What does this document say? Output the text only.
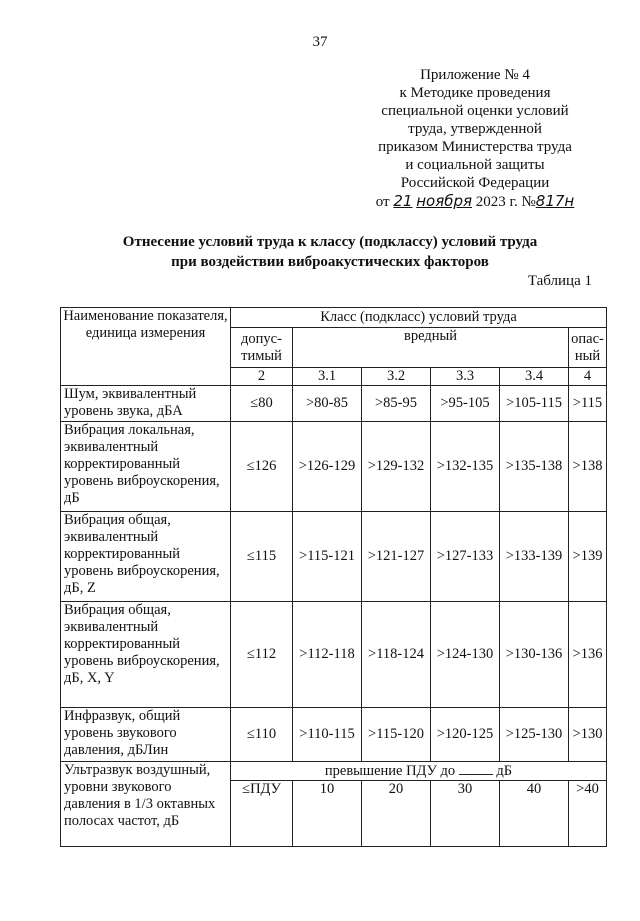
37
Приложение № 4
к Методике проведения
специальной оценки условий
труда, утвержденной
приказом Министерства труда
и социальной защиты
Российской Федерации
от 21 ноября 2023 г. №817н
Отнесение условий труда к классу (подклассу) условий труда
при воздействии виброакустических факторов
Таблица 1
Наименование показателя, единица измерения	Класс (подкласс) условий труда					
	допус-тимый	вредный				опас-ный
	2	3.1	3.2	3.3	3.4	4
Шум, эквивалентный уровень звука, дБА	≤80	>80-85	>85-95	>95-105	>105-115	>115
Вибрация локальная, эквивалентный корректированный уровень виброускорения, дБ	≤126	>126-129	>129-132	>132-135	>135-138	>138
Вибрация общая, эквивалентный корректированный уровень виброускорения, дБ, Z	≤115	>115-121	>121-127	>127-133	>133-139	>139
Вибрация общая, эквивалентный корректированный уровень виброускорения, дБ, X, Y	≤112	>112-118	>118-124	>124-130	>130-136	>136
Инфразвук, общий уровень звукового давления, дБЛин	≤110	>110-115	>115-120	>120-125	>125-130	>130
Ультразвук воздушный, уровни звукового давления в 1/3 октавных полосах частот, дБ	превышение ПДУ до дБ					
	≤ПДУ	10	20	30	40	>40
